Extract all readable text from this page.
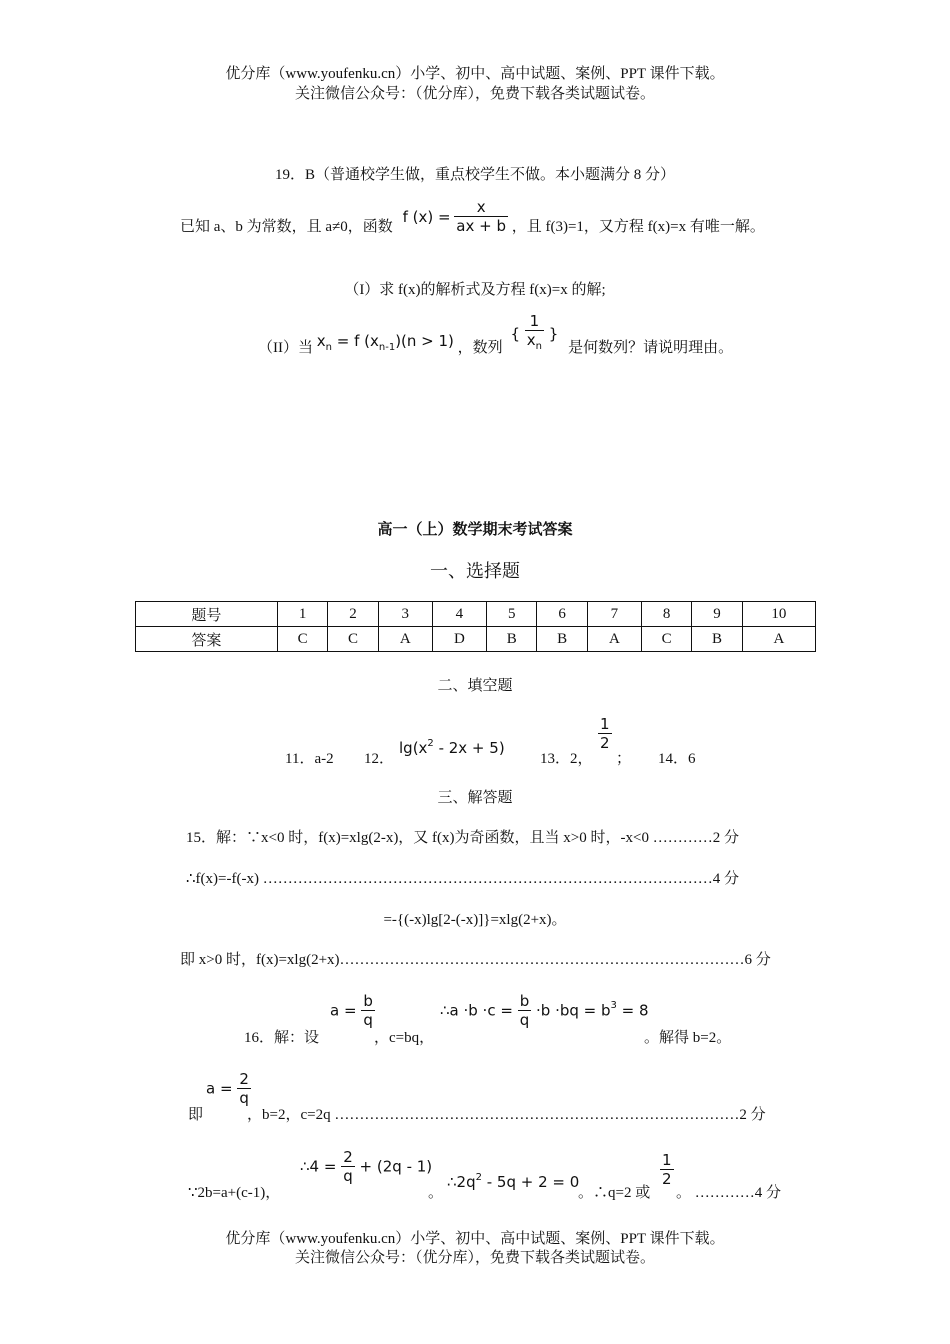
优分库（www.youfenku.cn）小学、初中、高中试题、案例、PPT 课件下载。
关注微信公众号：（优分库），免费下载各类试题试卷。
19．B（普通校学生做，重点校学生不做。本小题满分 8 分）
已知 a、b 为常数，且 a≠0，函数 f $(x) = \frac{x}{ax + b}$ ，且 f(3)=1，又方程 f(x)=x 有唯一解。
（I）求 f(x)的解析式及方程 f(x)=x 的解;
（II）当 $x_n = f$ $(x_{n-1})(n > 1)$ ，数列 { $\frac{1}{x_n}$ } 是何数列？请说明理由。
高一（上）数学期末考试答案
一、选择题
题号	1	2	3	4	5	6	7	8	9	10
答案	C	C	A	D	B	B	A	C	B	A
二、填空题
11．a-2 12．
$\lg(x^2 - 2x + 5)$
13．2，
$\frac{1}{2}$
； 14．6
三、解答题
15．解：∵x<0 时，f(x)=xlg(2-x)，又 f(x)为奇函数，且当 x>0 时，-x<0 …………2 分
∴f(x)=-f(-x) ………………………………………………………………………………4 分
=-{(-x)lg[2-(-x)]}=xlg(2+x)。
即 x>0 时，f(x)=xlg(2+x)………………………………………………………………………6 分
16．解：设
$a = \frac{b}{q}$
，c=bq，
∴a $\cdot b \cdot c = \frac{b}{q} \cdot b \cdot bq = b^3 = 8$
。解得 b=2。
即
$a = \frac{2}{q}$
，b=2，c=2q ………………………………………………………………………2 分
∵2b=a+(c-1)，
∴4 = $\frac{2}{q} + (2q - 1)$
。
$\therefore 2q^2 - 5q + 2 = 0$
。∴q=2 或
$\frac{1}{2}$
。 …………4 分
优分库（www.youfenku.cn）小学、初中、高中试题、案例、PPT 课件下载。
关注微信公众号：（优分库），免费下载各类试题试卷。
